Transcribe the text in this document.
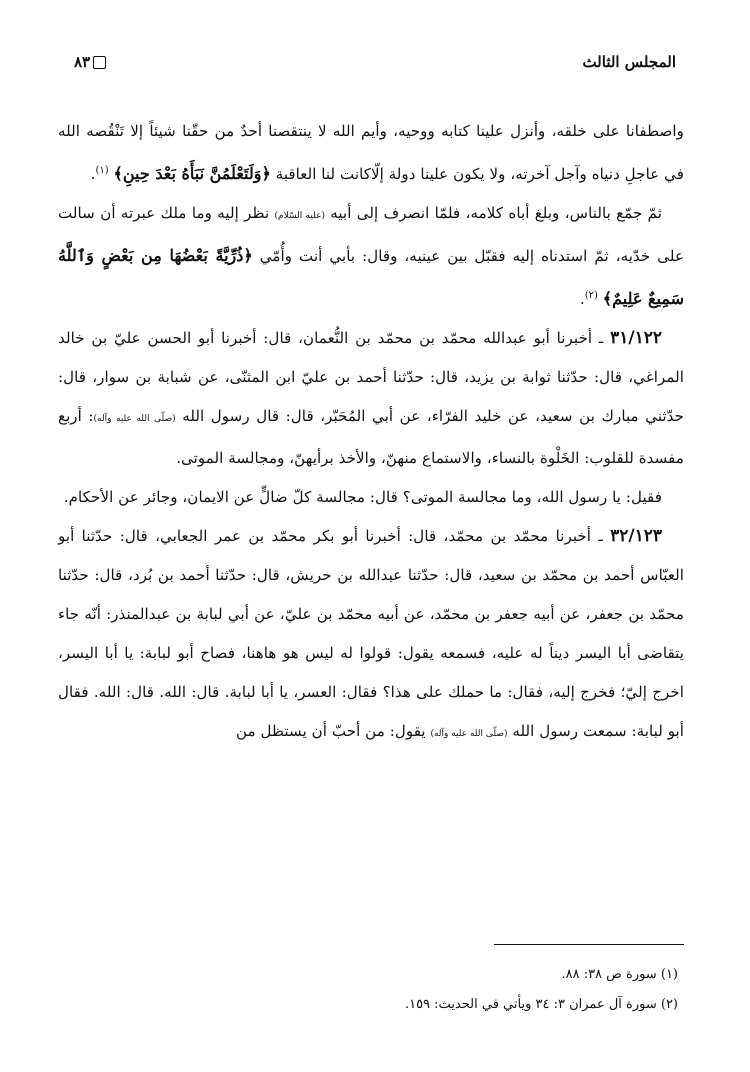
المجلس الثالث
٨٣

واصطفانا على خلقه، وأنزل علينا كتابه ووحيه، وأيم الله لا ينتقصنا أحدٌ من حقّنا شيئاً إلا تَنْقُصه الله في عاجلِ دنياه وآجل آخرته، ولا يكون علينا دولة إلّاكانت لنا العاقبة ﴿وَلَتَعْلَمُنَّ نَبَأَهُ بَعْدَ حِينِ﴾ $^{(١)}$.

ثمّ جمّع بالناس، وبلغ أباه كلامه، فلمّا انصرف إلى أبيه (عليه السّلام) نظر إليه وما ملك عبرته أن سالت على خدّيه، ثمّ استدناه إليه فقبّل بين عينيه، وقال: بأبي أنت وأُمّي ﴿ذُرِّيَّةً بَعْضُهَا مِن بَعْضٍ وَٱللَّهُ سَمِيعٌ عَلِيمٌ﴾ $^{(٢)}$.

٣١/١٢٢ ـ أخبرنا أبو عبدالله محمّد بن محمّد بن النُّعمان، قال: أخبرنا أبو الحسن عليّ بن خالد المراغي، قال: حدّثنا ثوابة بن يزيد، قال: حدّثنا أحمد بن عليّ ابن المثنّى، عن شبابة بن سوار، قال: حدّثني مبارك بن سعيد، عن خليد الفرّاء، عن أبي المُحَبّر، قال: قال رسول الله (صلّى الله عليه وآله): أربع مفسدة للقلوب: الخَلْوة بالنساء، والاستماع منهنّ، والأخذ برأيهنّ، ومجالسة الموتى.

فقيل: يا رسول الله، وما مجالسة الموتى؟ قال: مجالسة كلّ ضالٍّ عن الايمان، وجائر عن الأحكام.

٣٢/١٢٣ ـ أخبرنا محمّد بن محمّد، قال: أخبرنا أبو بكر محمّد بن عمر الجعابي، قال: حدّثنا أبو العبّاس أحمد بن محمّد بن سعيد، قال: حدّثنا عبدالله بن حريش، قال: حدّثنا أحمد بن بُرد، قال: حدّثنا محمّد بن جعفر، عن أبيه جعفر بن محمّد، عن أبيه محمّد بن عليّ، عن أبي لبابة بن عبدالمنذر: أنّه جاء يتقاضى أبا اليسر ديناً له عليه، فسمعه يقول: قولوا له ليس هو هاهنا، فصاح أبو لبابة: يا أبا اليسر، اخرج إليّ؛ فخرج إليه، فقال: ما حملك على هذا؟ فقال: العسر، يا أبا لبابة. قال: الله. قال: الله. فقال أبو لبابة: سمعت رسول الله (صلّى الله عليه وآله) يقول: من أحبّ أن يستظل من

(١) سورة ص ٣٨: ٨٨.
(٢) سورة آل عمران ٣: ٣٤ ويأتي في الحديث: ١٥٩.
